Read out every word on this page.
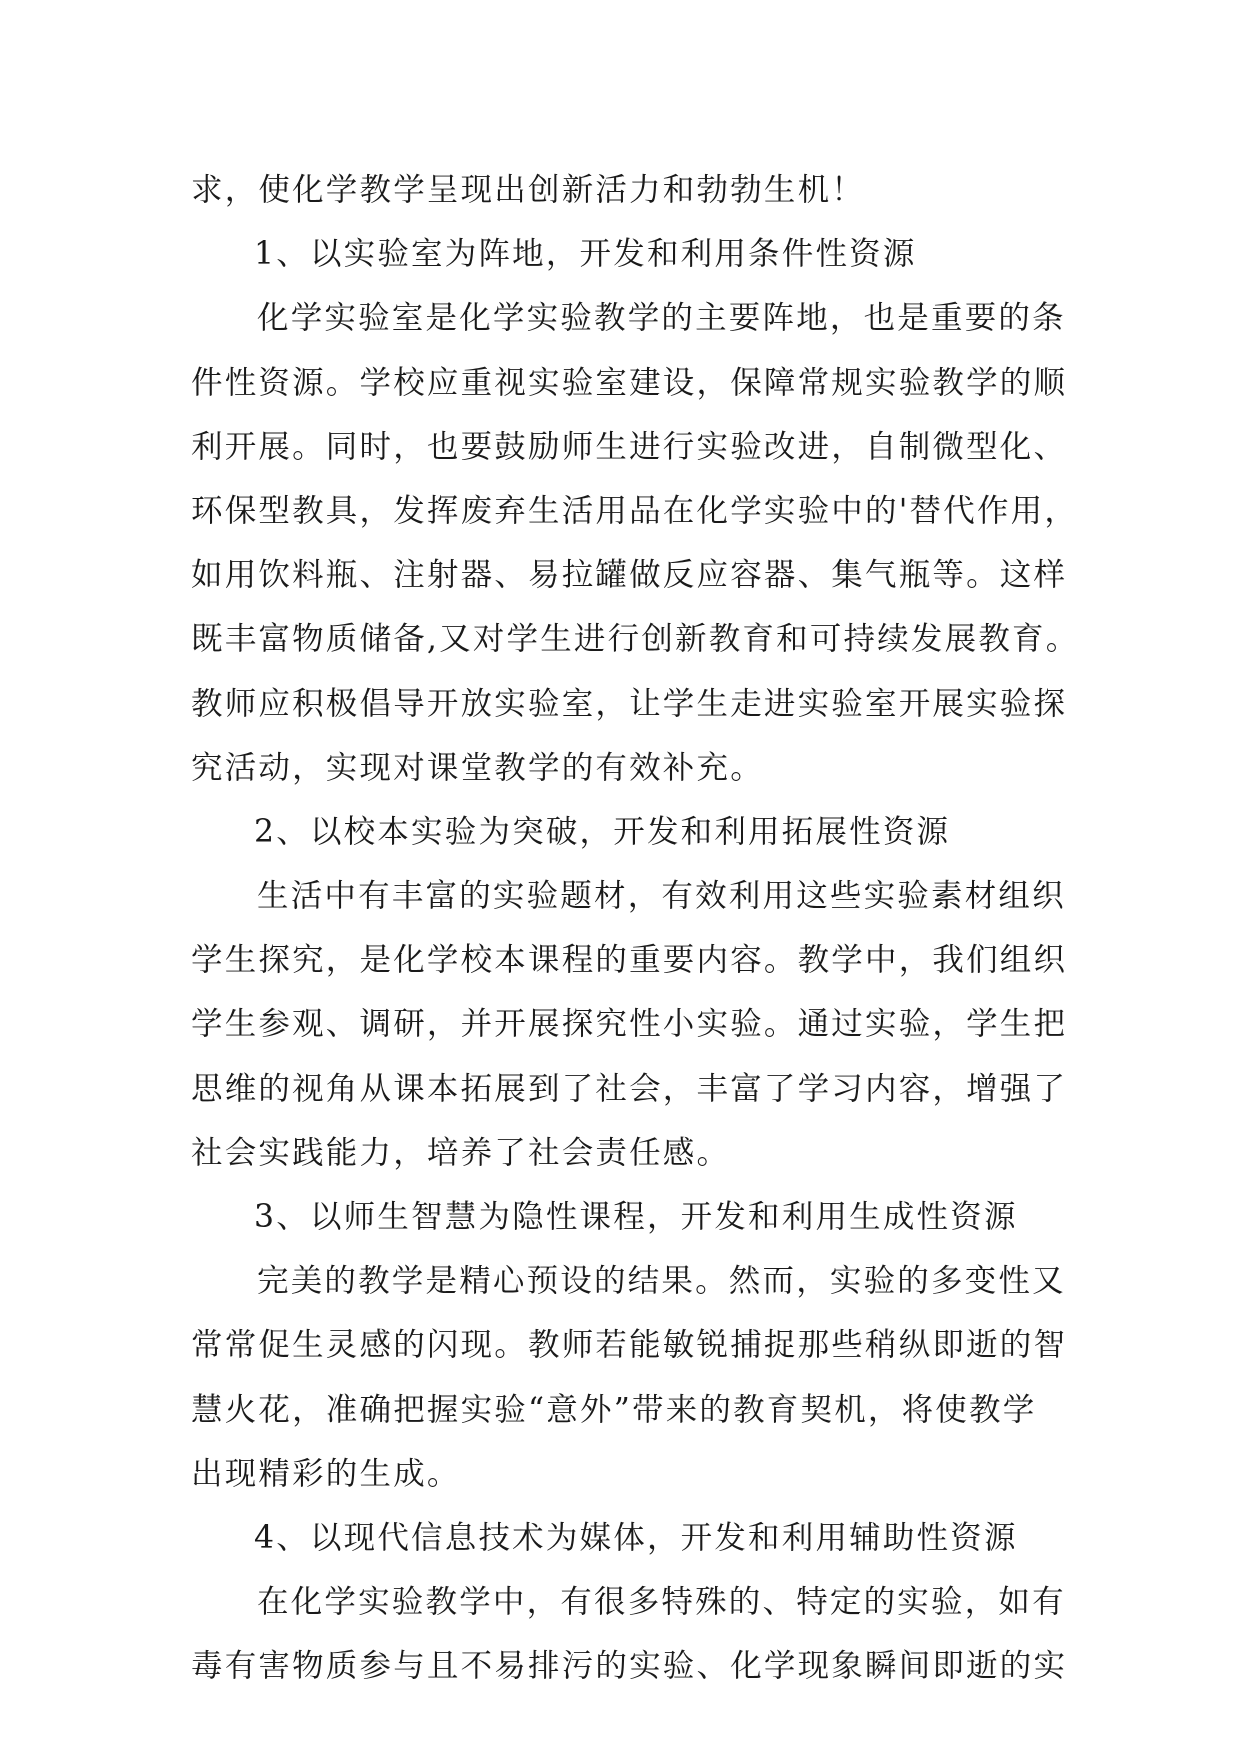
求，使化学教学呈现出创新活力和勃勃生机！
1、以实验室为阵地，开发和利用条件性资源
化学实验室是化学实验教学的主要阵地，也是重要的条
件性资源。学校应重视实验室建设，保障常规实验教学的顺
利开展。同时，也要鼓励师生进行实验改进，自制微型化、
环保型教具，发挥废弃生活用品在化学实验中的'替代作用，
如用饮料瓶、注射器、易拉罐做反应容器、集气瓶等。这样
既丰富物质储备,又对学生进行创新教育和可持续发展教育。
教师应积极倡导开放实验室，让学生走进实验室开展实验探
究活动，实现对课堂教学的有效补充。
2、以校本实验为突破，开发和利用拓展性资源
生活中有丰富的实验题材，有效利用这些实验素材组织
学生探究，是化学校本课程的重要内容。教学中，我们组织
学生参观、调研，并开展探究性小实验。通过实验，学生把
思维的视角从课本拓展到了社会，丰富了学习内容，增强了
社会实践能力，培养了社会责任感。
3、以师生智慧为隐性课程，开发和利用生成性资源
完美的教学是精心预设的结果。然而，实验的多变性又
常常促生灵感的闪现。教师若能敏锐捕捉那些稍纵即逝的智
慧火花，准确把握实验“意外”带来的教育契机，将使教学
出现精彩的生成。
4、以现代信息技术为媒体，开发和利用辅助性资源
在化学实验教学中，有很多特殊的、特定的实验，如有
毒有害物质参与且不易排污的实验、化学现象瞬间即逝的实
